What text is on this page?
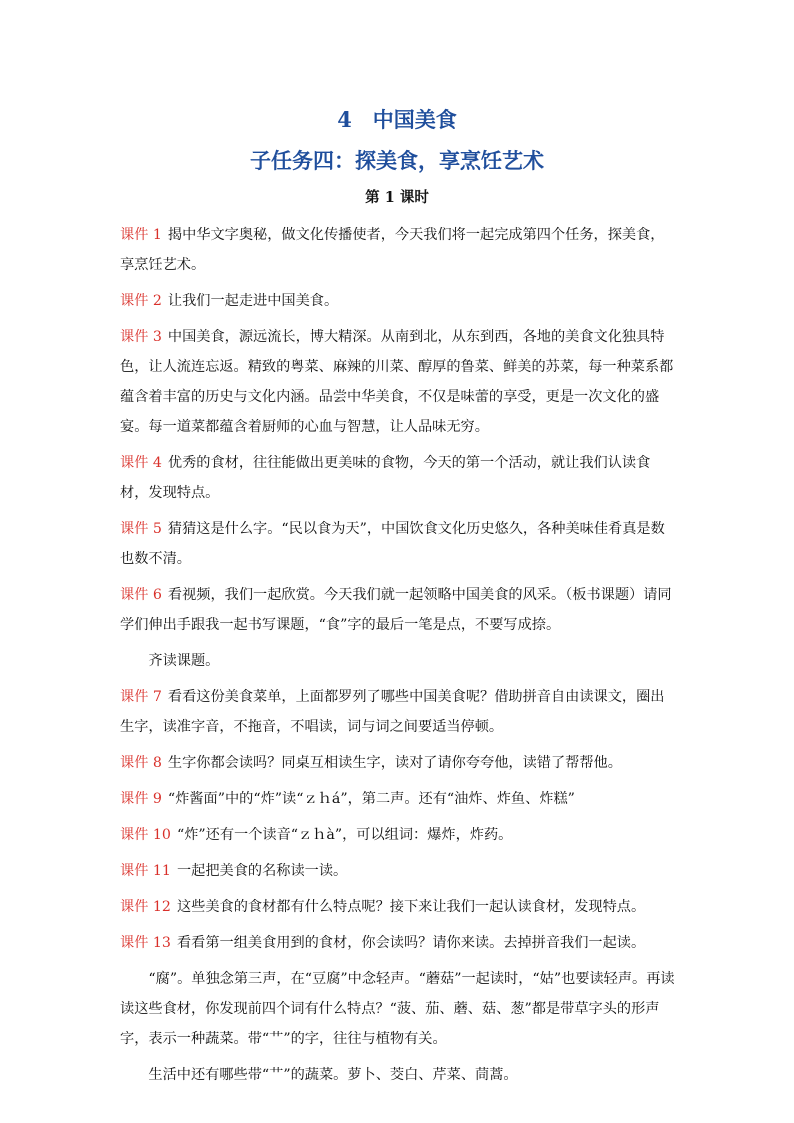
4　中国美食
子任务四：探美食，享烹饪艺术
第 1 课时

课件 1 揭中华文字奥秘，做文化传播使者，今天我们将一起完成第四个任务，探美食，享烹饪艺术。

课件 2 让我们一起走进中国美食。

课件 3 中国美食，源远流长，博大精深。从南到北，从东到西，各地的美食文化独具特色，让人流连忘返。精致的粤菜、麻辣的川菜、醇厚的鲁菜、鲜美的苏菜，每一种菜系都蕴含着丰富的历史与文化内涵。品尝中华美食，不仅是味蕾的享受，更是一次文化的盛宴。每一道菜都蕴含着厨师的心血与智慧，让人品味无穷。

课件 4 优秀的食材，往往能做出更美味的食物，今天的第一个活动，就让我们认读食材，发现特点。

课件 5 猜猜这是什么字。“民以食为天”，中国饮食文化历史悠久，各种美味佳肴真是数也数不清。

课件 6 看视频，我们一起欣赏。今天我们就一起领略中国美食的风采。（板书课题）请同学们伸出手跟我一起书写课题，“食”字的最后一笔是点，不要写成捺。

齐读课题。

课件 7 看看这份美食菜单，上面都罗列了哪些中国美食呢？借助拼音自由读课文，圈出生字，读准字音，不拖音，不唱读，词与词之间要适当停顿。

课件 8 生字你都会读吗？同桌互相读生字，读对了请你夸夸他，读错了帮帮他。

课件 9 “炸酱面”中的“炸”读“ｚｈá”，第二声。还有“油炸、炸鱼、炸糕”

课件 10 “炸”还有一个读音“ｚｈà”，可以组词：爆炸，炸药。

课件 11 一起把美食的名称读一读。

课件 12 这些美食的食材都有什么特点呢？接下来让我们一起认读食材，发现特点。

课件 13 看看第一组美食用到的食材，你会读吗？请你来读。去掉拼音我们一起读。

“腐”。单独念第三声，在“豆腐”中念轻声。“蘑菇”一起读时，“姑”也要读轻声。再读读这些食材，你发现前四个词有什么特点？“菠、茄、蘑、菇、葱”都是带草字头的形声字，表示一种蔬菜。带“艹”的字，往往与植物有关。

生活中还有哪些带“艹”的蔬菜。萝卜、茭白、芹菜、茼蒿。
